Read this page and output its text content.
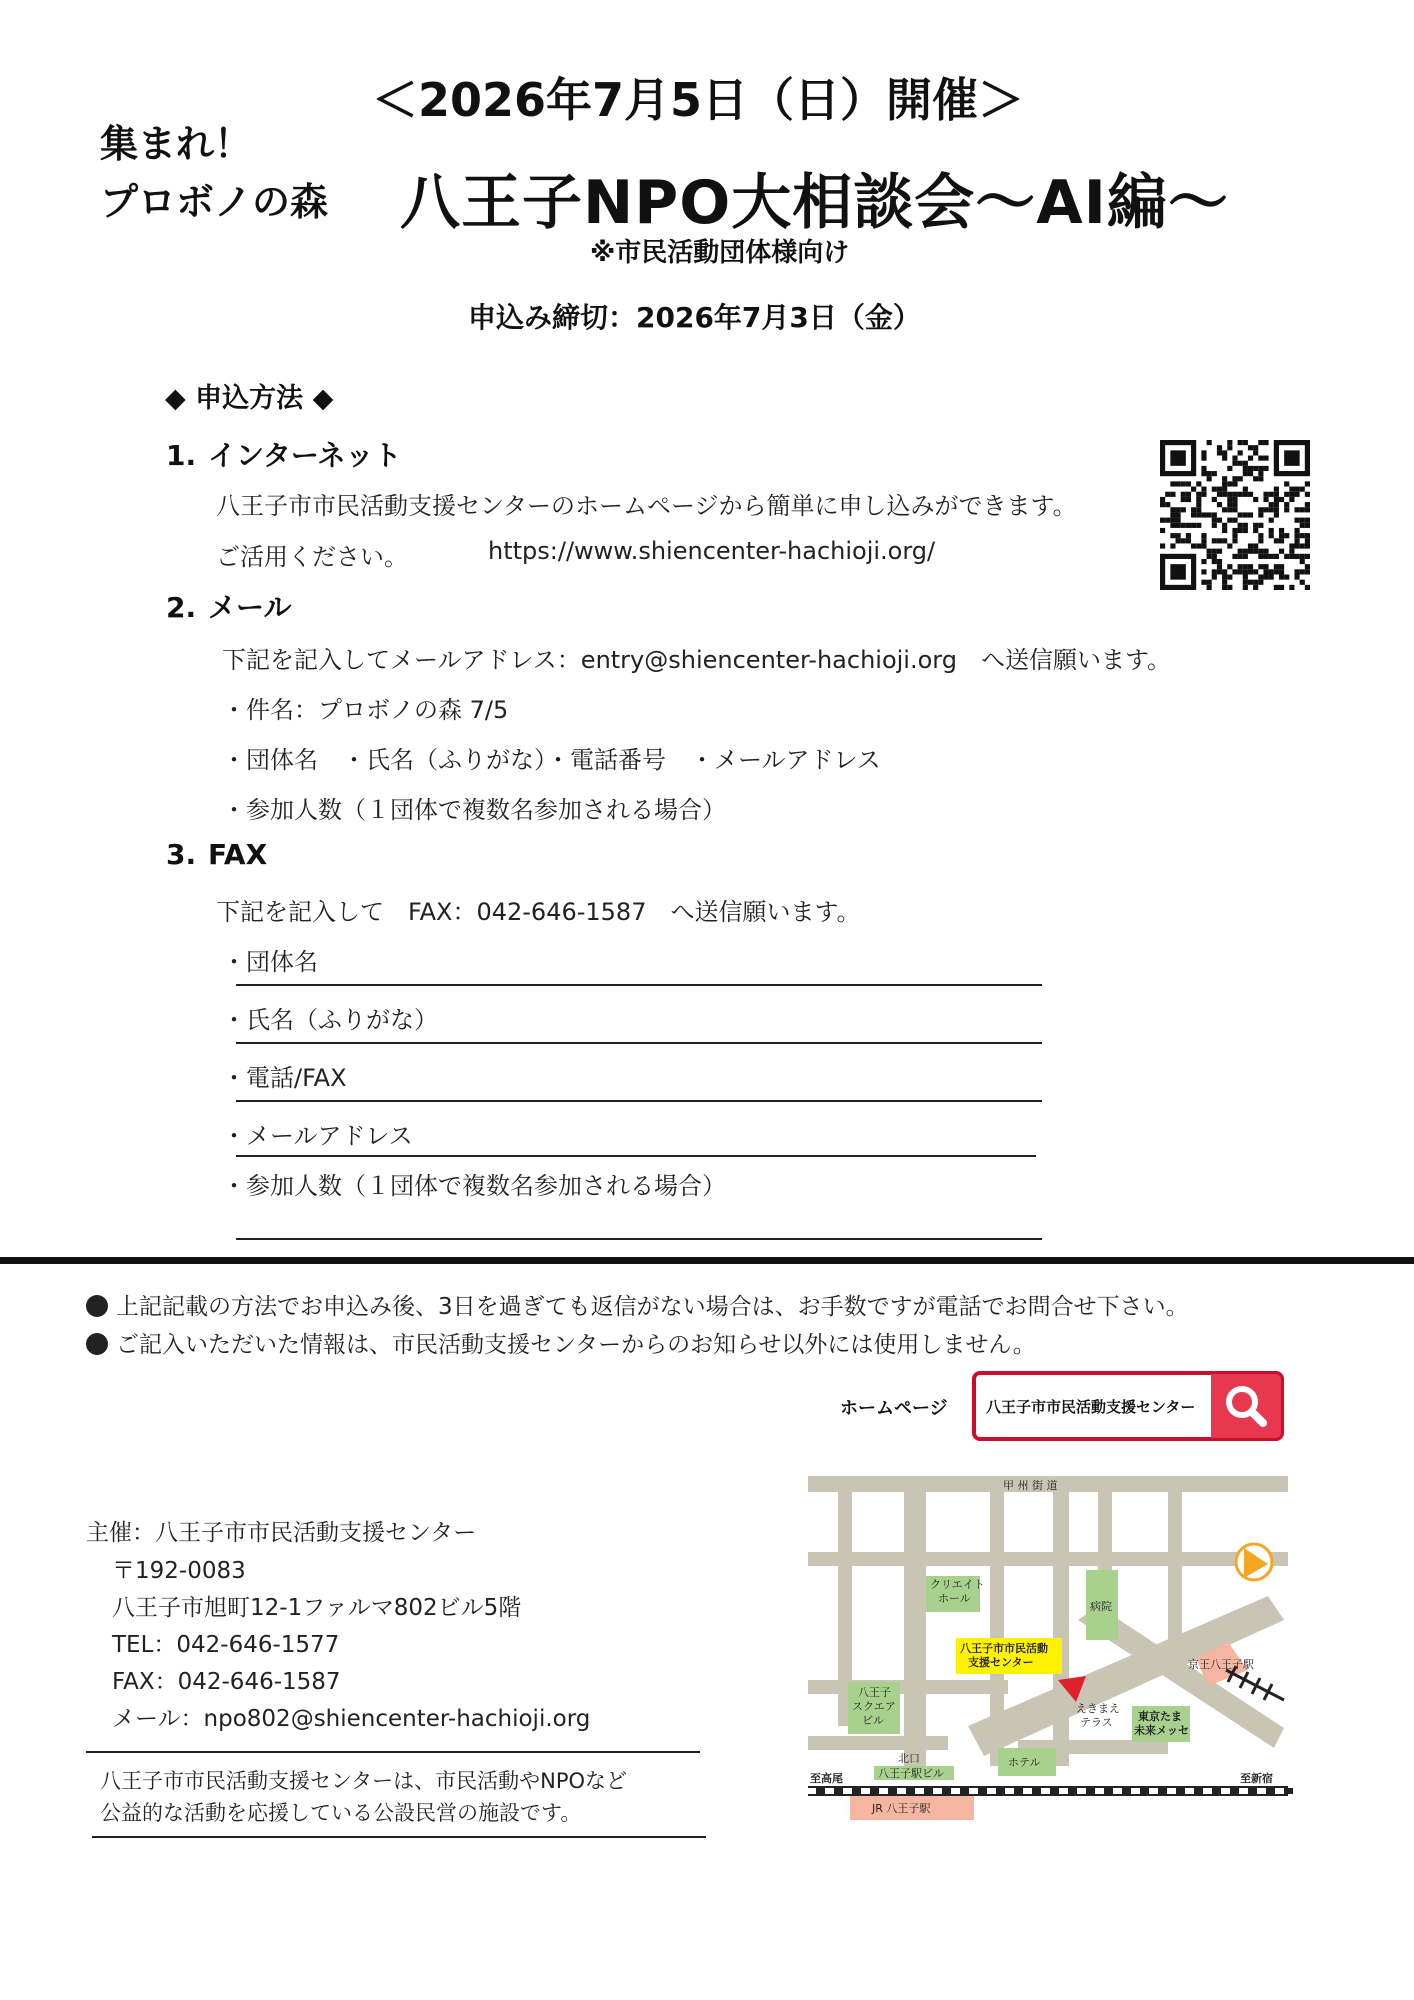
＜2026年7月5日（日）開催＞
集まれ！
プロボノの森 八王子NPO大相談会～AI編～
※市民活動団体様向け
申込み締切：2026年7月3日（金）
◆ 申込方法 ◆
1. インターネット
八王子市市民活動支援センターのホームページから簡単に申し込みができます。
ご活用ください。	https://www.shiencenter-hachioji.org/
2. メール
下記を記入してメールアドレス：entry@shiencenter-hachioji.org　へ送信願います。
・件名：プロボノの森 7/5
・団体名　・氏名（ふりがな）・電話番号　・メールアドレス
・参加人数（１団体で複数名参加される場合）
3. FAX
下記を記入して　FAX：042-646-1587　へ送信願います。
・団体名
・氏名（ふりがな）
・電話/FAX
・メールアドレス
・参加人数（１団体で複数名参加される場合）
上記記載の方法でお申込み後、3日を過ぎても返信がない場合は、お手数ですが電話でお問合せ下さい。
ご記入いただいた情報は、市民活動支援センターからのお知らせ以外には使用しません。
ホームページ	八王子市市民活動支援センター
主催：八王子市市民活動支援センター
〒192-0083
八王子市旭町12-1ファルマ802ビル5階
TEL：042-646-1577
FAX：042-646-1587
メール：npo802@shiencenter-hachioji.org
八王子市市民活動支援センターは、市民活動やNPOなど
公益的な活動を応援している公設民営の施設です。
甲 州 街 道
クリエイト
ホール
病院
八王子市市民活動
支援センター	京王八王子駅
八王子
スクエア
ビル
えきまえ
テラス 東京たま
未来メッセ
北口	ホテル
八王子駅ビル
JR 八王子駅
至高尾	至新宿
